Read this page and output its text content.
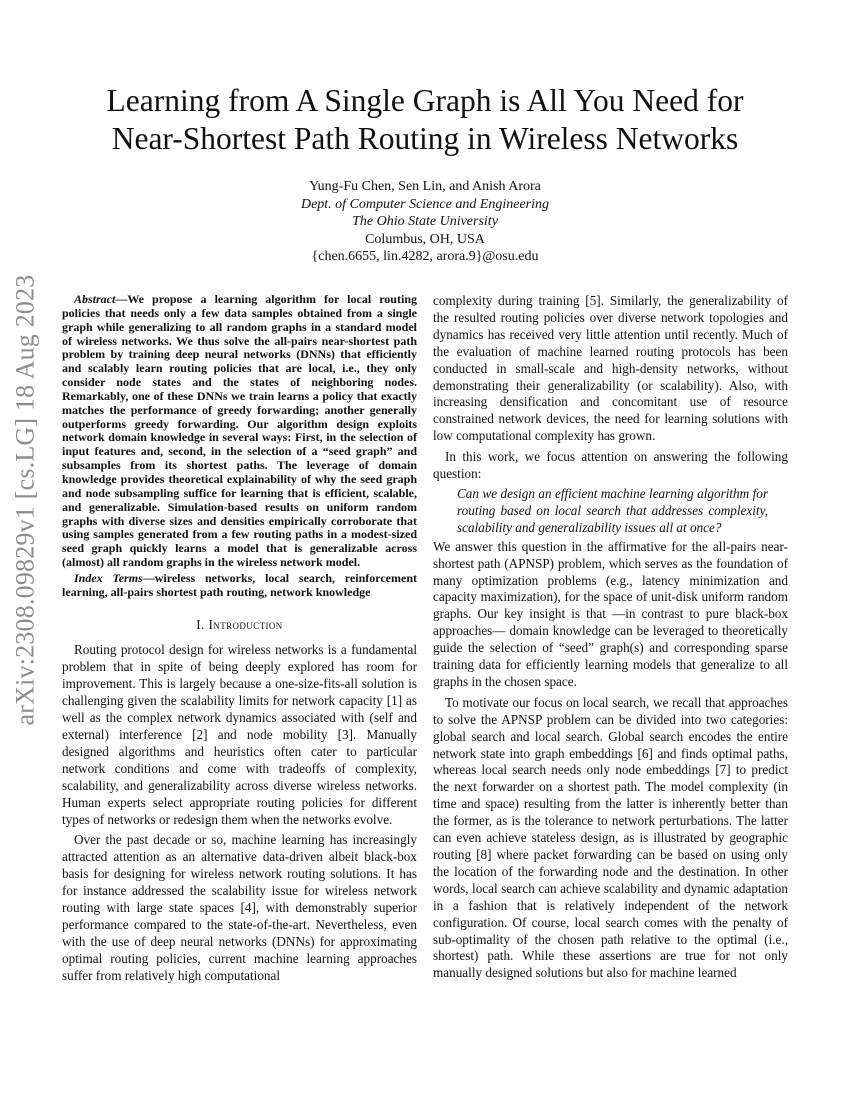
arXiv:2308.09829v1 [cs.LG] 18 Aug 2023
Learning from A Single Graph is All You Need for
Near-Shortest Path Routing in Wireless Networks
Yung-Fu Chen, Sen Lin, and Anish Arora
Dept. of Computer Science and Engineering
The Ohio State University
Columbus, OH, USA
{chen.6655, lin.4282, arora.9}@osu.edu

Abstract—We propose a learning algorithm for local routing policies that needs only a few data samples obtained from a single graph while generalizing to all random graphs in a standard model of wireless networks. We thus solve the all-pairs near-shortest path problem by training deep neural networks (DNNs) that efficiently and scalably learn routing policies that are local, i.e., they only consider node states and the states of neighboring nodes. Remarkably, one of these DNNs we train learns a policy that exactly matches the performance of greedy forwarding; another generally outperforms greedy forwarding. Our algorithm design exploits network domain knowledge in several ways: First, in the selection of input features and, second, in the selection of a “seed graph” and subsamples from its shortest paths. The leverage of domain knowledge provides theoretical explainability of why the seed graph and node subsampling suffice for learning that is efficient, scalable, and generalizable. Simulation-based results on uniform random graphs with diverse sizes and densities empirically corroborate that using samples generated from a few routing paths in a modest-sized seed graph quickly learns a model that is generalizable across (almost) all random graphs in the wireless network model.

Index Terms—wireless networks, local search, reinforcement learning, all-pairs shortest path routing, network knowledge

I. Introduction

Routing protocol design for wireless networks is a fundamental problem that in spite of being deeply explored has room for improvement. This is largely because a one-size-fits-all solution is challenging given the scalability limits for network capacity [1] as well as the complex network dynamics associated with (self and external) interference [2] and node mobility [3]. Manually designed algorithms and heuristics often cater to particular network conditions and come with tradeoffs of complexity, scalability, and generalizability across diverse wireless networks. Human experts select appropriate routing policies for different types of networks or redesign them when the networks evolve.

Over the past decade or so, machine learning has increasingly attracted attention as an alternative data-driven albeit black-box basis for designing for wireless network routing solutions. It has for instance addressed the scalability issue for wireless network routing with large state spaces [4], with demonstrably superior performance compared to the state-of-the-art. Nevertheless, even with the use of deep neural networks (DNNs) for approximating optimal routing policies, current machine learning approaches suffer from relatively high computational

complexity during training [5]. Similarly, the generalizability of the resulted routing policies over diverse network topologies and dynamics has received very little attention until recently. Much of the evaluation of machine learned routing protocols has been conducted in small-scale and high-density networks, without demonstrating their generalizability (or scalability). Also, with increasing densification and concomitant use of resource constrained network devices, the need for learning solutions with low computational complexity has grown.

In this work, we focus attention on answering the following question:

Can we design an efficient machine learning algorithm for routing based on local search that addresses complexity, scalability and generalizability issues all at once?

We answer this question in the affirmative for the all-pairs near-shortest path (APNSP) problem, which serves as the foundation of many optimization problems (e.g., latency minimization and capacity maximization), for the space of unit-disk uniform random graphs. Our key insight is that —in contrast to pure black-box approaches— domain knowledge can be leveraged to theoretically guide the selection of “seed” graph(s) and corresponding sparse training data for efficiently learning models that generalize to all graphs in the chosen space.

To motivate our focus on local search, we recall that approaches to solve the APNSP problem can be divided into two categories: global search and local search. Global search encodes the entire network state into graph embeddings [6] and finds optimal paths, whereas local search needs only node embeddings [7] to predict the next forwarder on a shortest path. The model complexity (in time and space) resulting from the latter is inherently better than the former, as is the tolerance to network perturbations. The latter can even achieve stateless design, as is illustrated by geographic routing [8] where packet forwarding can be based on using only the location of the forwarding node and the destination. In other words, local search can achieve scalability and dynamic adaptation in a fashion that is relatively independent of the network configuration. Of course, local search comes with the penalty of sub-optimality of the chosen path relative to the optimal (i.e., shortest) path. While these assertions are true for not only manually designed solutions but also for machine learned
